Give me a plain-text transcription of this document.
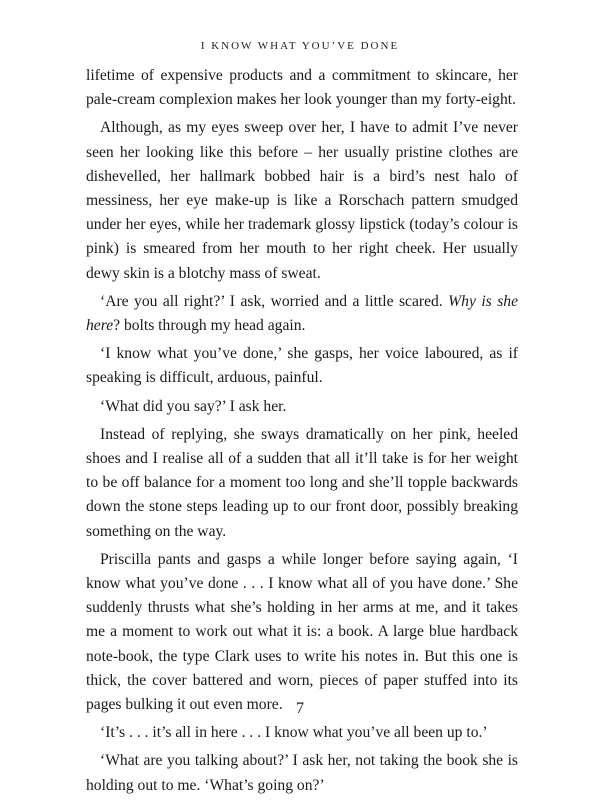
I KNOW WHAT YOU’VE DONE

lifetime of expensive products and a commitment to skincare, her pale-cream complexion makes her look younger than my forty-eight.

Although, as my eyes sweep over her, I have to admit I’ve never seen her looking like this before – her usually pristine clothes are dishevelled, her hallmark bobbed hair is a bird’s nest halo of messiness, her eye make-up is like a Rorschach pattern smudged under her eyes, while her trademark glossy lipstick (today’s colour is pink) is smeared from her mouth to her right cheek. Her usually dewy skin is a blotchy mass of sweat.

‘Are you all right?’ I ask, worried and a little scared. Why is she here? bolts through my head again.

‘I know what you’ve done,’ she gasps, her voice laboured, as if speaking is difficult, arduous, painful.

‘What did you say?’ I ask her.

Instead of replying, she sways dramatically on her pink, heeled shoes and I realise all of a sudden that all it’ll take is for her weight to be off balance for a moment too long and she’ll topple backwards down the stone steps leading up to our front door, possibly breaking something on the way.

Priscilla pants and gasps a while longer before saying again, ‘I know what you’ve done . . . I know what all of you have done.’ She suddenly thrusts what she’s holding in her arms at me, and it takes me a moment to work out what it is: a book. A large blue hardback note-book, the type Clark uses to write his notes in. But this one is thick, the cover battered and worn, pieces of paper stuffed into its pages bulking it out even more.

‘It’s . . . it’s all in here . . . I know what you’ve all been up to.’

‘What are you talking about?’ I ask her, not taking the book she is holding out to me. ‘What’s going on?’

7
